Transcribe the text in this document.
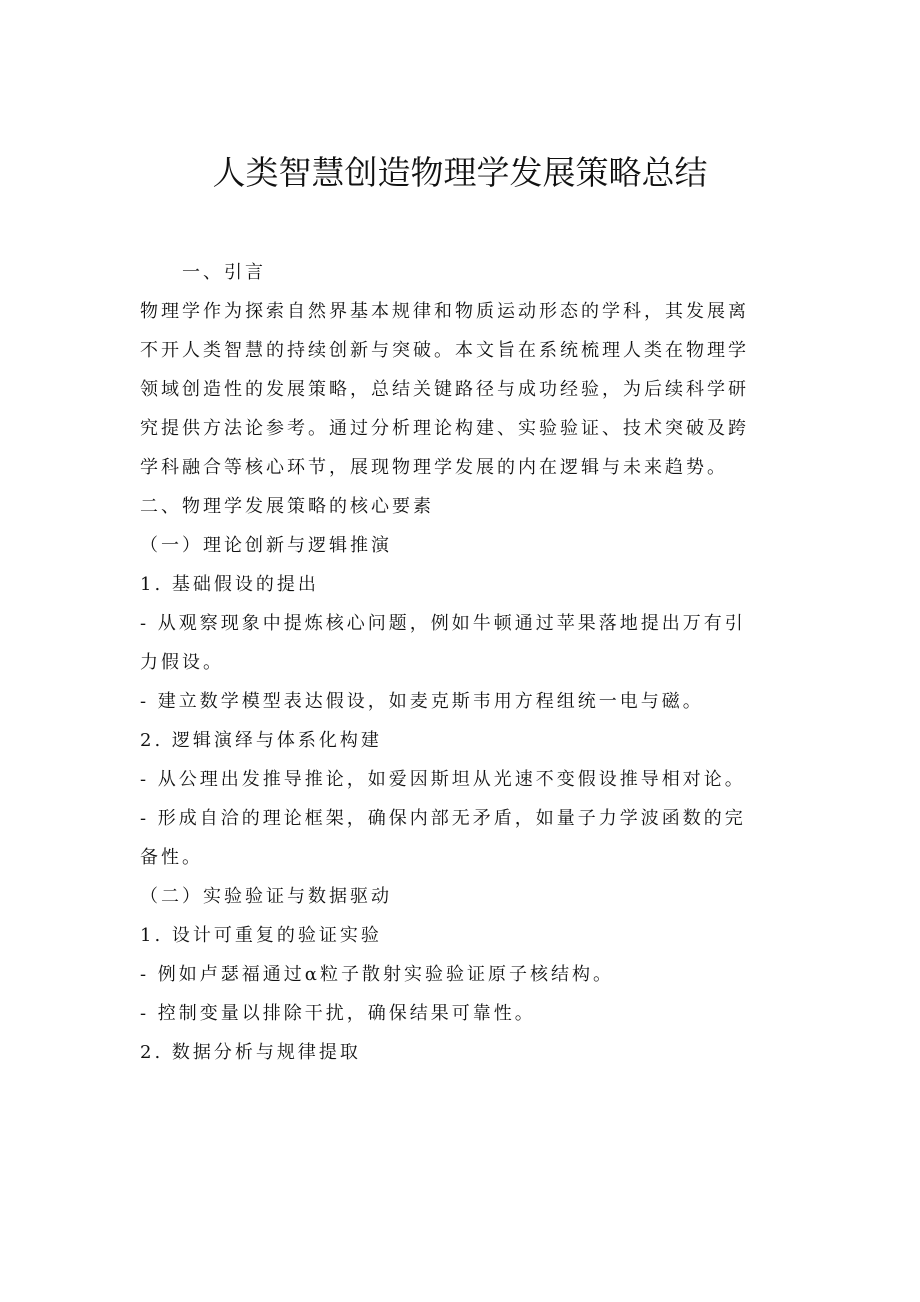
人类智慧创造物理学发展策略总结
一、引言
物理学作为探索自然界基本规律和物质运动形态的学科，其发展离
不开人类智慧的持续创新与突破。本文旨在系统梳理人类在物理学
领域创造性的发展策略，总结关键路径与成功经验，为后续科学研
究提供方法论参考。通过分析理论构建、实验验证、技术突破及跨
学科融合等核心环节，展现物理学发展的内在逻辑与未来趋势。
二、物理学发展策略的核心要素
（一）理论创新与逻辑推演
1. 基础假设的提出
- 从观察现象中提炼核心问题，例如牛顿通过苹果落地提出万有引
力假设。
- 建立数学模型表达假设，如麦克斯韦用方程组统一电与磁。
2. 逻辑演绎与体系化构建
- 从公理出发推导推论，如爱因斯坦从光速不变假设推导相对论。
- 形成自洽的理论框架，确保内部无矛盾，如量子力学波函数的完
备性。
（二）实验验证与数据驱动
1. 设计可重复的验证实验
- 例如卢瑟福通过α粒子散射实验验证原子核结构。
- 控制变量以排除干扰，确保结果可靠性。
2. 数据分析与规律提取
